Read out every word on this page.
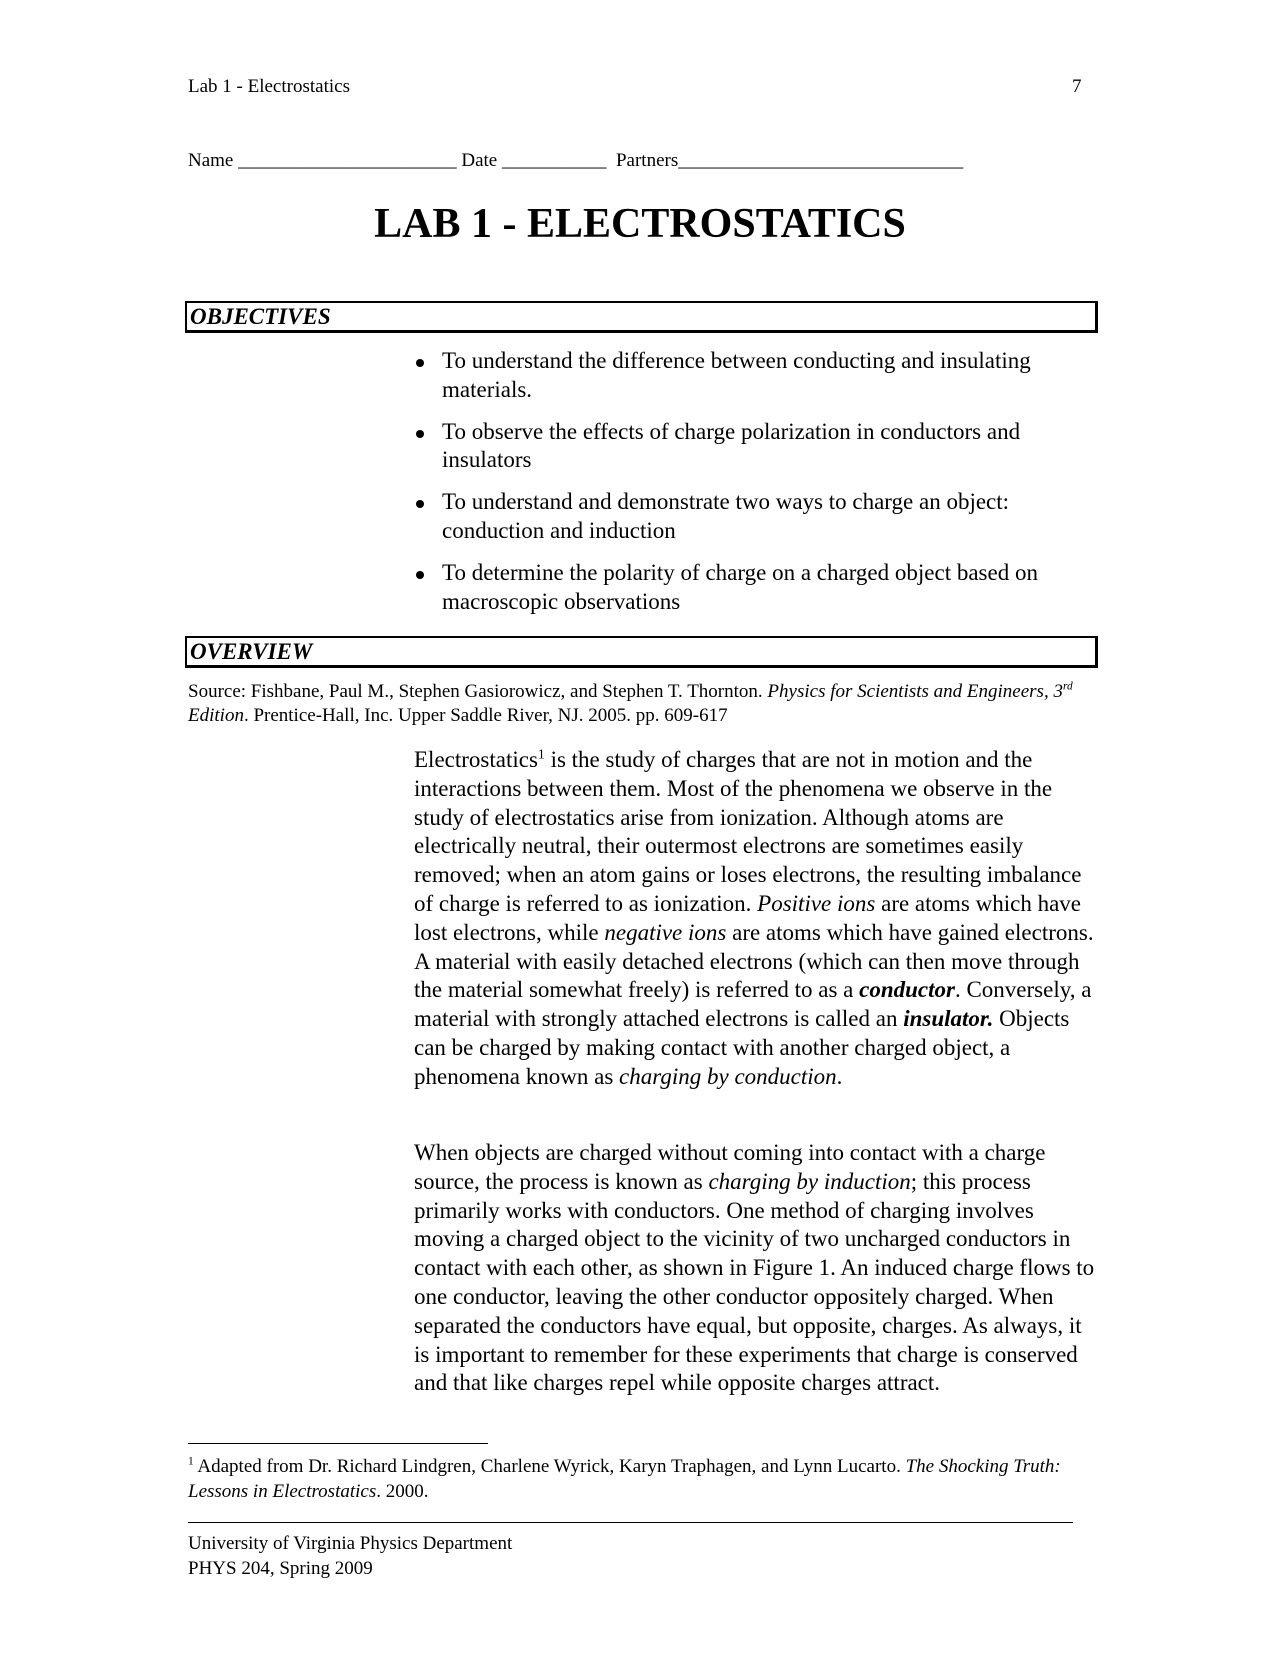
Lab 1 - Electrostatics	7
Name _______________________ Date ___________  Partners______________________________
LAB 1 - ELECTROSTATICS
OBJECTIVES
To understand the difference between conducting and insulating materials.
To observe the effects of charge polarization in conductors and insulators
To understand and demonstrate two ways to charge an object: conduction and induction
To determine the polarity of charge on a charged object based on macroscopic observations
OVERVIEW
Source: Fishbane, Paul M., Stephen Gasiorowicz, and Stephen T. Thornton. Physics for Scientists and Engineers, 3rd Edition. Prentice-Hall, Inc. Upper Saddle River, NJ. 2005. pp. 609-617
Electrostatics$^1$ is the study of charges that are not in motion and the interactions between them. Most of the phenomena we observe in the study of electrostatics arise from ionization. Although atoms are electrically neutral, their outermost electrons are sometimes easily removed; when an atom gains or loses electrons, the resulting imbalance of charge is referred to as ionization. Positive ions are atoms which have lost electrons, while negative ions are atoms which have gained electrons. A material with easily detached electrons (which can then move through the material somewhat freely) is referred to as a conductor. Conversely, a material with strongly attached electrons is called an insulator. Objects can be charged by making contact with another charged object, a phenomena known as charging by conduction.
When objects are charged without coming into contact with a charge source, the process is known as charging by induction; this process primarily works with conductors. One method of charging involves moving a charged object to the vicinity of two uncharged conductors in contact with each other, as shown in Figure 1. An induced charge flows to one conductor, leaving the other conductor oppositely charged. When separated the conductors have equal, but opposite, charges. As always, it is important to remember for these experiments that charge is conserved and that like charges repel while opposite charges attract.
$^1$ Adapted from Dr. Richard Lindgren, Charlene Wyrick, Karyn Traphagen, and Lynn Lucarto. The Shocking Truth: Lessons in Electrostatics. 2000.
University of Virginia Physics Department
PHYS 204, Spring 2009
